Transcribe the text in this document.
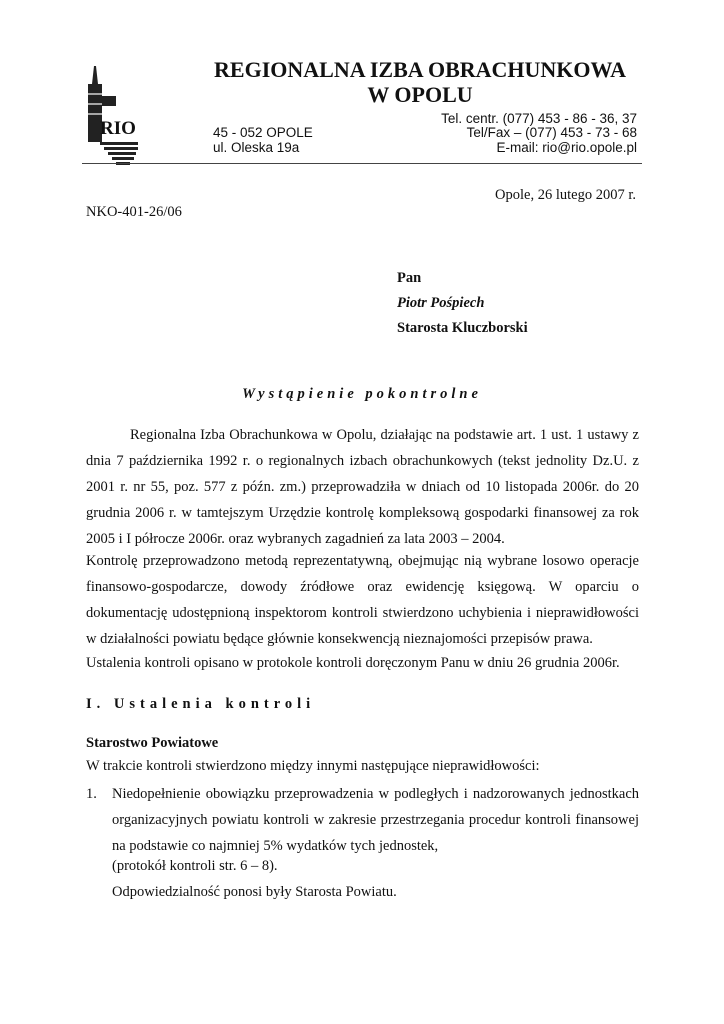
RIO
REGIONALNA IZBA OBRACHUNKOWA
W OPOLU
Tel. centr. (077) 453 - 86 - 36, 37
45 - 052 OPOLE	Tel/Fax – (077) 453 - 73 - 68
ul. Oleska 19a	E-mail: rio@rio.opole.pl
Opole, 26 lutego 2007 r.
NKO-401-26/06
Pan
Piotr Pośpiech
Starosta Kluczborski
Wystąpienie pokontrolne

Regionalna Izba Obrachunkowa w Opolu, działając na podstawie art. 1 ust. 1 ustawy z dnia 7 października 1992 r. o regionalnych izbach obrachunkowych (tekst jednolity Dz.U. z 2001 r. nr 55, poz. 577 z późn. zm.) przeprowadziła w dniach od 10 listopada 2006r. do 20 grudnia 2006 r. w tamtejszym Urzędzie kontrolę kompleksową gospodarki finansowej za rok 2005 i I półrocze 2006r. oraz wybranych zagadnień za lata 2003 – 2004.

Kontrolę przeprowadzono metodą reprezentatywną, obejmując nią wybrane losowo operacje finansowo-gospodarcze, dowody źródłowe oraz ewidencję księgową. W oparciu o dokumentację udostępnioną inspektorom kontroli stwierdzono uchybienia i nieprawidłowości w działalności powiatu będące głównie konsekwencją nieznajomości przepisów prawa.

Ustalenia kontroli opisano w protokole kontroli doręczonym Panu w dniu 26 grudnia 2006r.

I. Ustalenia kontroli
Starostwo Powiatowe
W trakcie kontroli stwierdzono między innymi następujące nieprawidłowości:
1. Niedopełnienie obowiązku przeprowadzenia w podległych i nadzorowanych jednostkach organizacyjnych powiatu kontroli w zakresie przestrzegania procedur kontroli finansowej na podstawie co najmniej 5% wydatków tych jednostek,

(protokół kontroli str. 6 – 8).
Odpowiedzialność ponosi były Starosta Powiatu.
